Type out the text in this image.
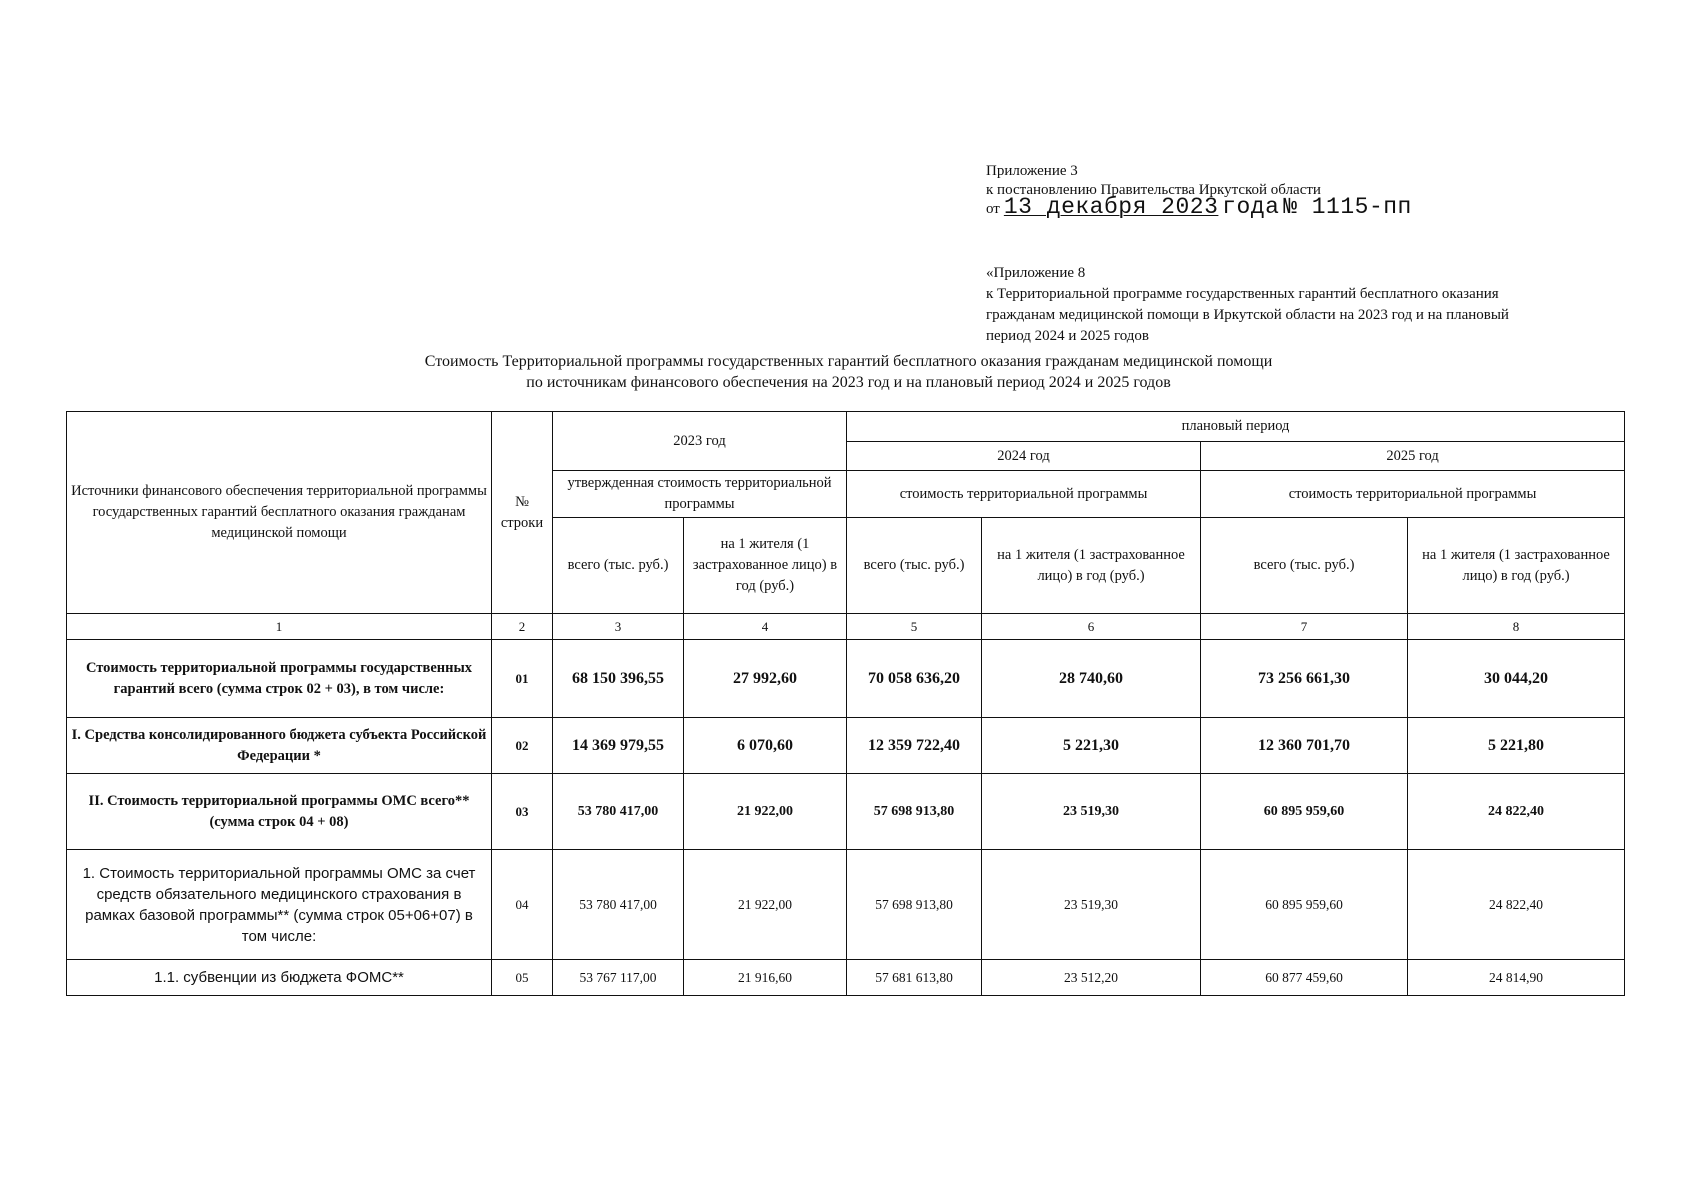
Приложение 3
к постановлению Правительства Иркутской области
от 13 декабря 2023 года № 1115-пп
«Приложение 8
к Территориальной программе государственных гарантий бесплатного оказания
гражданам медицинской помощи в Иркутской области на 2023 год и на плановый
период 2024 и 2025 годов
Стоимость Территориальной программы государственных гарантий бесплатного оказания гражданам медицинской помощи
по источникам финансового обеспечения на 2023 год и на плановый период 2024 и 2025 годов
Источники финансового обеспечения территориальной программы государственных гарантий бесплатного оказания гражданам медицинской помощи	№ строки	2023 год		плановый период			
				2024 год		2025 год	
		утвержденная стоимость территориальной программы		стоимость территориальной программы		стоимость территориальной программы	
		всего (тыс. руб.)	на 1 жителя (1 застрахованное лицо) в год (руб.)	всего (тыс. руб.)	на 1 жителя (1 застрахованное лицо) в год (руб.)	всего (тыс. руб.)	на 1 жителя (1 застрахованное лицо) в год (руб.)
1	2	3	4	5	6	7	8
Стоимость территориальной программы государственных гарантий всего (сумма строк 02 + 03), в том числе:	01	68 150 396,55	27 992,60	70 058 636,20	28 740,60	73 256 661,30	30 044,20
I. Средства консолидированного бюджета субъекта Российской Федерации *	02	14 369 979,55	6 070,60	12 359 722,40	5 221,30	12 360 701,70	5 221,80
II. Стоимость территориальной программы ОМС всего** (сумма строк 04 + 08)	03	53 780 417,00	21 922,00	57 698 913,80	23 519,30	60 895 959,60	24 822,40
1. Стоимость территориальной программы ОМС за счет средств обязательного медицинского страхования в рамках базовой программы** (сумма строк 05+06+07) в том числе:	04	53 780 417,00	21 922,00	57 698 913,80	23 519,30	60 895 959,60	24 822,40
1.1. субвенции из бюджета ФОМС**	05	53 767 117,00	21 916,60	57 681 613,80	23 512,20	60 877 459,60	24 814,90
